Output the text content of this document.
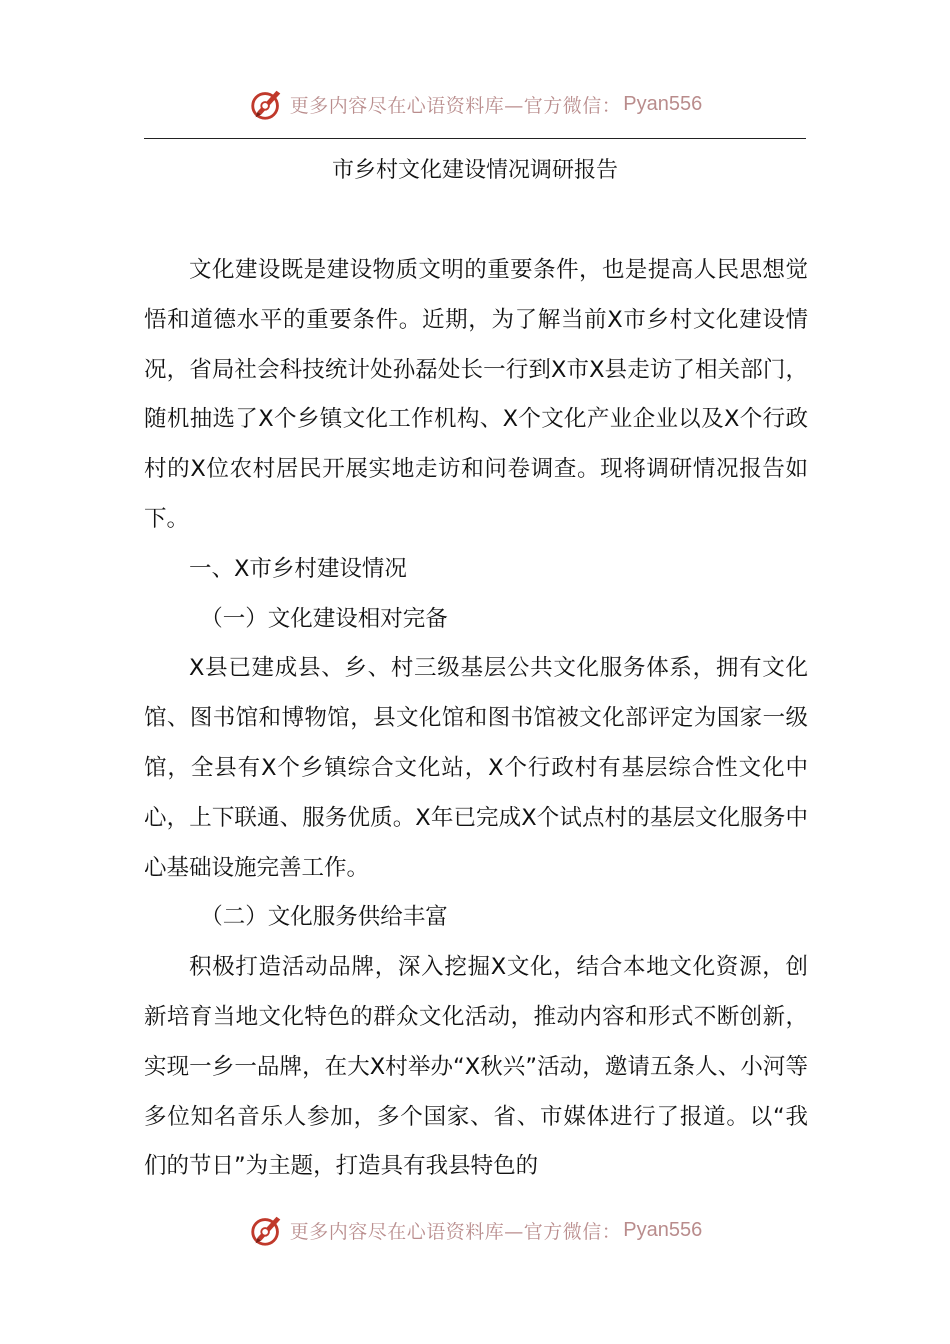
更多内容尽在心语资料库—官方微信： Pyan556
市乡村文化建设情况调研报告

文化建设既是建设物质文明的重要条件，也是提高人民思想觉悟和道德水平的重要条件。近期，为了解当前X市乡村文化建设情况，省局社会科技统计处孙磊处长一行到X市X县走访了相关部门，随机抽选了X个乡镇文化工作机构、X个文化产业企业以及X个行政村的X位农村居民开展实地走访和问卷调查。现将调研情况报告如下。

一、X市乡村建设情况

（一）文化建设相对完备

X县已建成县、乡、村三级基层公共文化服务体系，拥有文化馆、图书馆和博物馆，县文化馆和图书馆被文化部评定为国家一级馆，全县有X个乡镇综合文化站，X个行政村有基层综合性文化中心，上下联通、服务优质。X年已完成X个试点村的基层文化服务中心基础设施完善工作。

（二）文化服务供给丰富

积极打造活动品牌，深入挖掘X文化，结合本地文化资源，创新培育当地文化特色的群众文化活动，推动内容和形式不断创新，实现一乡一品牌，在大X村举办“X秋兴”活动，邀请五条人、小河等多位知名音乐人参加，多个国家、省、市媒体进行了报道。以“我们的节日”为主题，打造具有我县特色的

更多内容尽在心语资料库—官方微信： Pyan556
